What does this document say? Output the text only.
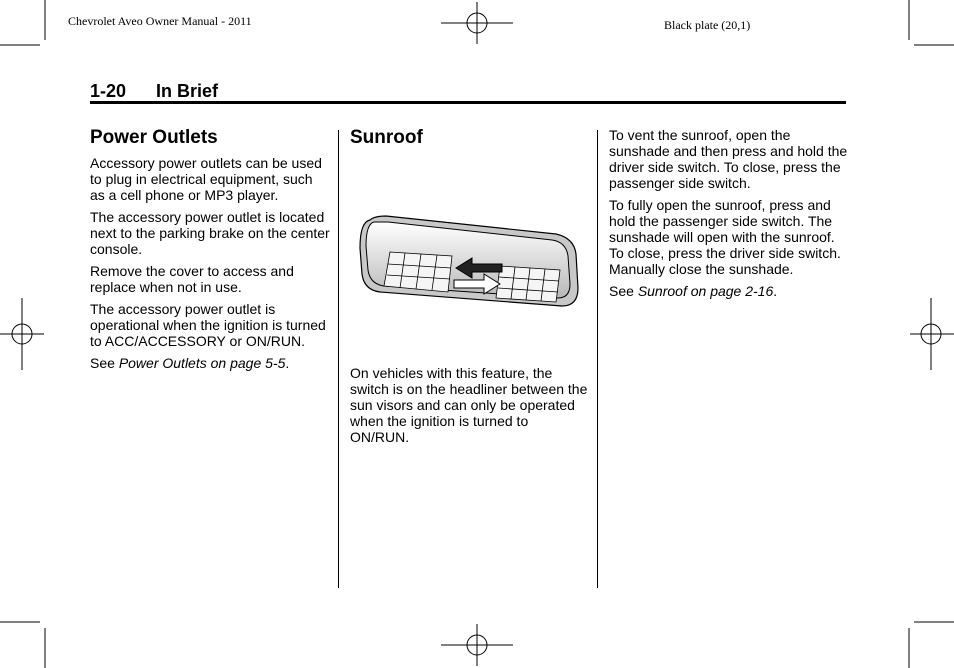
Chevrolet Aveo Owner Manual - 2011	Black plate (20,1)
1-20 In Brief
Power Outlets

Accessory power outlets can be used to plug in electrical equipment, such as a cell phone or MP3 player.

The accessory power outlet is located next to the parking brake on the center console.

Remove the cover to access and replace when not in use.

The accessory power outlet is operational when the ignition is turned to ACC/ACCESSORY or ON/RUN.

See Power Outlets on page 5-5.

Sunroof

On vehicles with this feature, the switch is on the headliner between the sun visors and can only be operated when the ignition is turned to ON/RUN.

To vent the sunroof, open the sunshade and then press and hold the driver side switch. To close, press the passenger side switch.

To fully open the sunroof, press and hold the passenger side switch. The sunshade will open with the sunroof. To close, press the driver side switch. Manually close the sunshade.

See Sunroof on page 2-16.
